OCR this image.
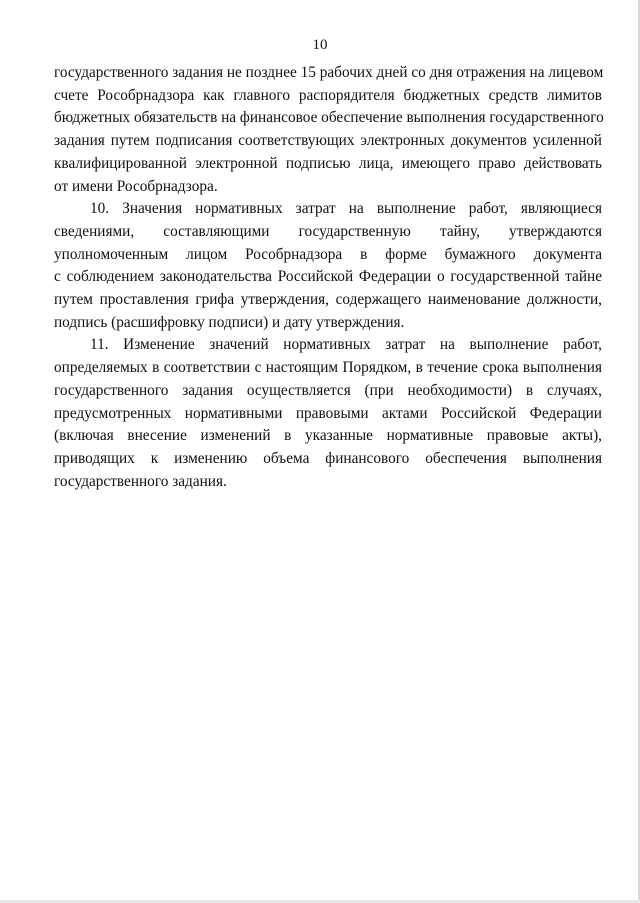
10

государственного задания не позднее 15 рабочих дней со дня отражения на лицевом
счете Рособрнадзора как главного распорядителя бюджетных средств лимитов
бюджетных обязательств на финансовое обеспечение выполнения государственного
задания путем подписания соответствующих электронных документов усиленной
квалифицированной электронной подписью лица, имеющего право действовать
от имени Рособрнадзора.

10. Значения нормативных затрат на выполнение работ, являющиеся
сведениями, составляющими государственную тайну, утверждаются
уполномоченным лицом Рособрнадзора в форме бумажного документа
с соблюдением законодательства Российской Федерации о государственной тайне
путем проставления грифа утверждения, содержащего наименование должности,
подпись (расшифровку подписи) и дату утверждения.

11. Изменение значений нормативных затрат на выполнение работ,
определяемых в соответствии с настоящим Порядком, в течение срока выполнения
государственного задания осуществляется (при необходимости) в случаях,
предусмотренных нормативными правовыми актами Российской Федерации
(включая внесение изменений в указанные нормативные правовые акты),
приводящих к изменению объема финансового обеспечения выполнения
государственного задания.
